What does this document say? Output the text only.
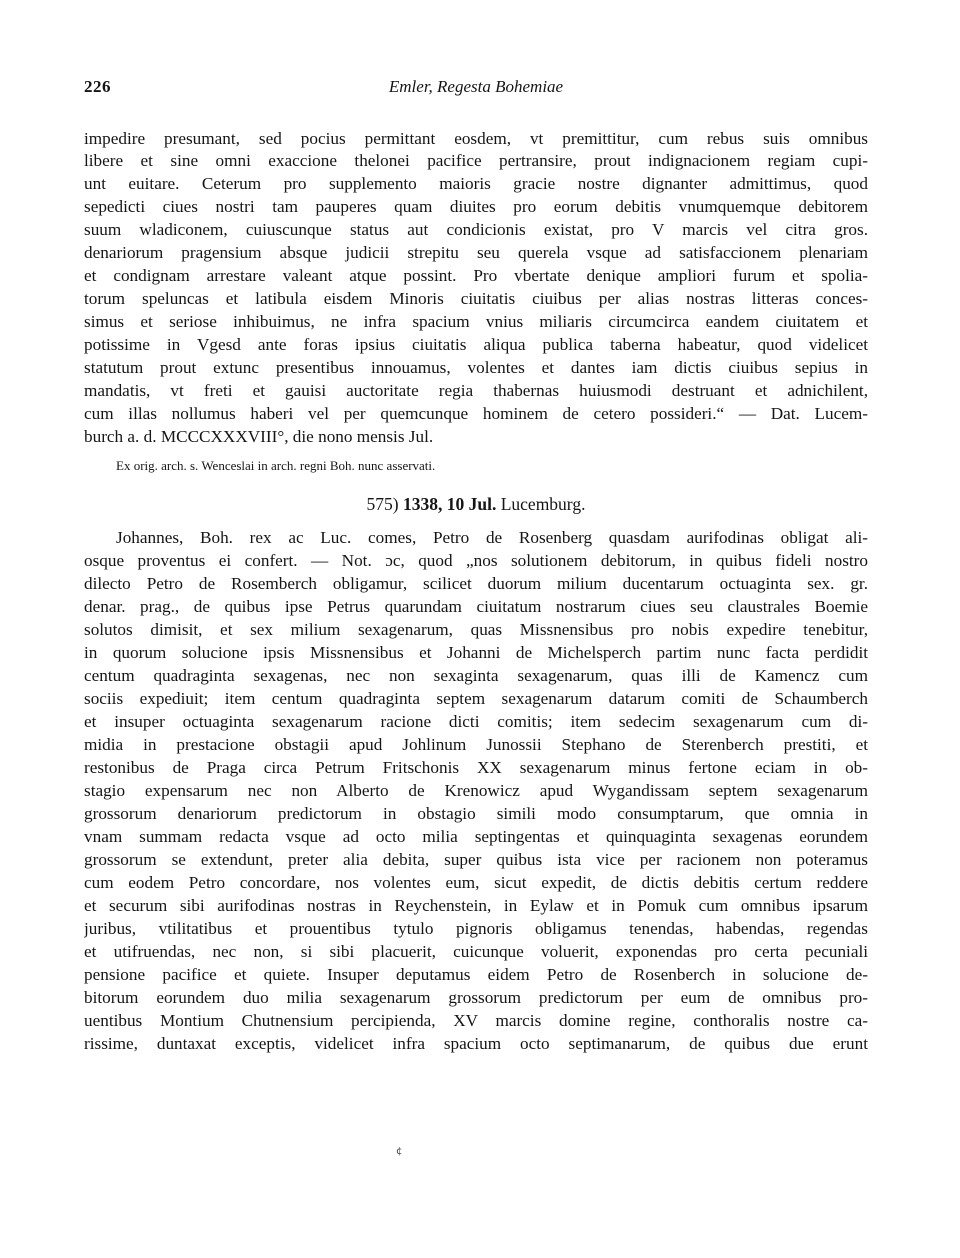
226	Emler, Regesta Bohemiae
impedire presumant, sed pocius permittant eosdem, vt premittitur, cum rebus suis omnibus
libere et sine omni exaccione thelonei pacifice pertransire, prout indignacionem regiam cupi-
unt euitare. Ceterum pro supplemento maioris gracie nostre dignanter admittimus, quod
sepedicti ciues nostri tam pauperes quam diuites pro eorum debitis vnumquemque debitorem
suum wladiconem, cuiuscunque status aut condicionis existat, pro V marcis vel citra gros.
denariorum pragensium absque judicii strepitu seu querela vsque ad satisfaccionem plenariam
et condignam arrestare valeant atque possint. Pro vbertate denique ampliori furum et spolia-
torum speluncas et latibula eisdem Minoris ciuitatis ciuibus per alias nostras litteras conces-
simus et seriose inhibuimus, ne infra spacium vnius miliaris circumcirca eandem ciuitatem et
potissime in Vgesd ante foras ipsius ciuitatis aliqua publica taberna habeatur, quod videlicet
statutum prout extunc presentibus innouamus, volentes et dantes iam dictis ciuibus sepius in
mandatis, vt freti et gauisi auctoritate regia thabernas huiusmodi destruant et adnichilent,
cum illas nollumus haberi vel per quemcunque hominem de cetero possideri.“ — Dat. Lucem-
burch a. d. MCCCXXXVIII°, die nono mensis Jul.
Ex orig. arch. s. Wenceslai in arch. regni Boh. nunc asservati.
575) 1338, 10 Jul. Lucemburg.
Johannes, Boh. rex ac Luc. comes, Petro de Rosenberg quasdam aurifodinas obligat ali-
osque proventus ei confert. — Not. ɔc, quod „nos solutionem debitorum, in quibus fideli nostro
dilecto Petro de Rosemberch obligamur, scilicet duorum milium ducentarum octuaginta sex. gr.
denar. prag., de quibus ipse Petrus quarundam ciuitatum nostrarum ciues seu claustrales Boemie
solutos dimisit, et sex milium sexagenarum, quas Missnensibus pro nobis expedire tenebitur,
in quorum solucione ipsis Missnensibus et Johanni de Michelsperch partim nunc facta perdidit
centum quadraginta sexagenas, nec non sexaginta sexagenarum, quas illi de Kamencz cum
sociis expediuit; item centum quadraginta septem sexagenarum datarum comiti de Schaumberch
et insuper octuaginta sexagenarum racione dicti comitis; item sedecim sexagenarum cum di-
midia in prestacione obstagii apud Johlinum Junossii Stephano de Sterenberch prestiti, et
restonibus de Praga circa Petrum Fritschonis XX sexagenarum minus fertone eciam in ob-
stagio expensarum nec non Alberto de Krenowicz apud Wygandissam septem sexagenarum
grossorum denariorum predictorum in obstagio simili modo consumptarum, que omnia in
vnam summam redacta vsque ad octo milia septingentas et quinquaginta sexagenas eorundem
grossorum se extendunt, preter alia debita, super quibus ista vice per racionem non poteramus
cum eodem Petro concordare, nos volentes eum, sicut expedit, de dictis debitis certum reddere
et securum sibi aurifodinas nostras in Reychenstein, in Eylaw et in Pomuk cum omnibus ipsarum
juribus, vtilitatibus et prouentibus tytulo pignoris obligamus tenendas, habendas, regendas
et utifruendas, nec non, si sibi placuerit, cuicunque voluerit, exponendas pro certa pecuniali
pensione pacifice et quiete. Insuper deputamus eidem Petro de Rosenberch in solucione de-
bitorum eorundem duo milia sexagenarum grossorum predictorum per eum de omnibus pro-
uentibus Montium Chutnensium percipienda, XV marcis domine regine, conthoralis nostre ca-
rissime, duntaxat exceptis, videlicet infra spacium octo septimanarum, de quibus due erunt
¢
